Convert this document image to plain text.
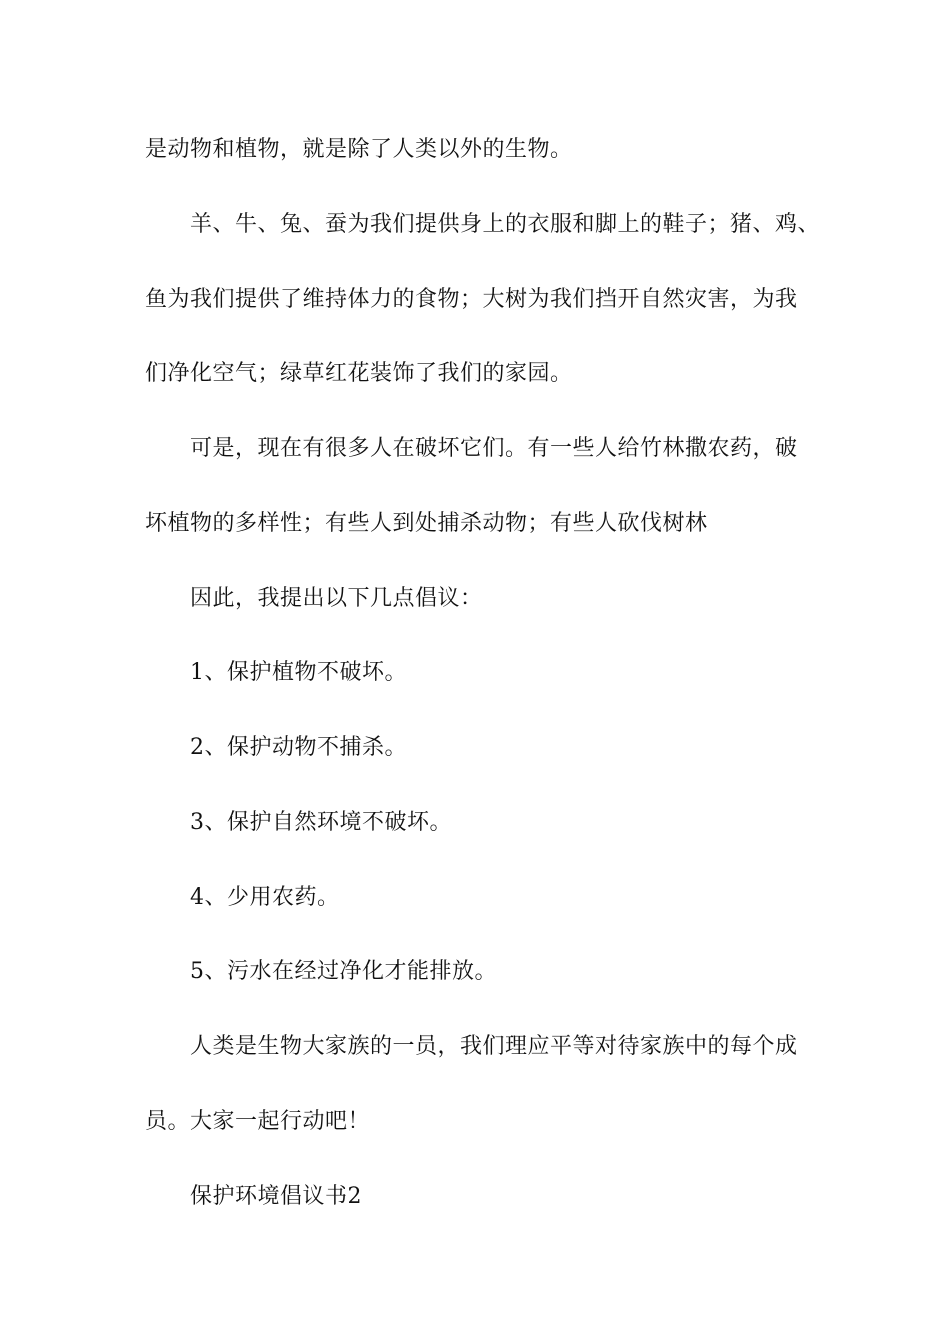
是动物和植物，就是除了人类以外的生物。
羊、牛、兔、蚕为我们提供身上的衣服和脚上的鞋子；猪、鸡、
鱼为我们提供了维持体力的食物；大树为我们挡开自然灾害，为我
们净化空气；绿草红花装饰了我们的家园。
可是，现在有很多人在破坏它们。有一些人给竹林撒农药，破
坏植物的多样性；有些人到处捕杀动物；有些人砍伐树林
因此，我提出以下几点倡议：
1、保护植物不破坏。
2、保护动物不捕杀。
3、保护自然环境不破坏。
4、少用农药。
5、污水在经过净化才能排放。
人类是生物大家族的一员，我们理应平等对待家族中的每个成
员。大家一起行动吧！
保护环境倡议书2
